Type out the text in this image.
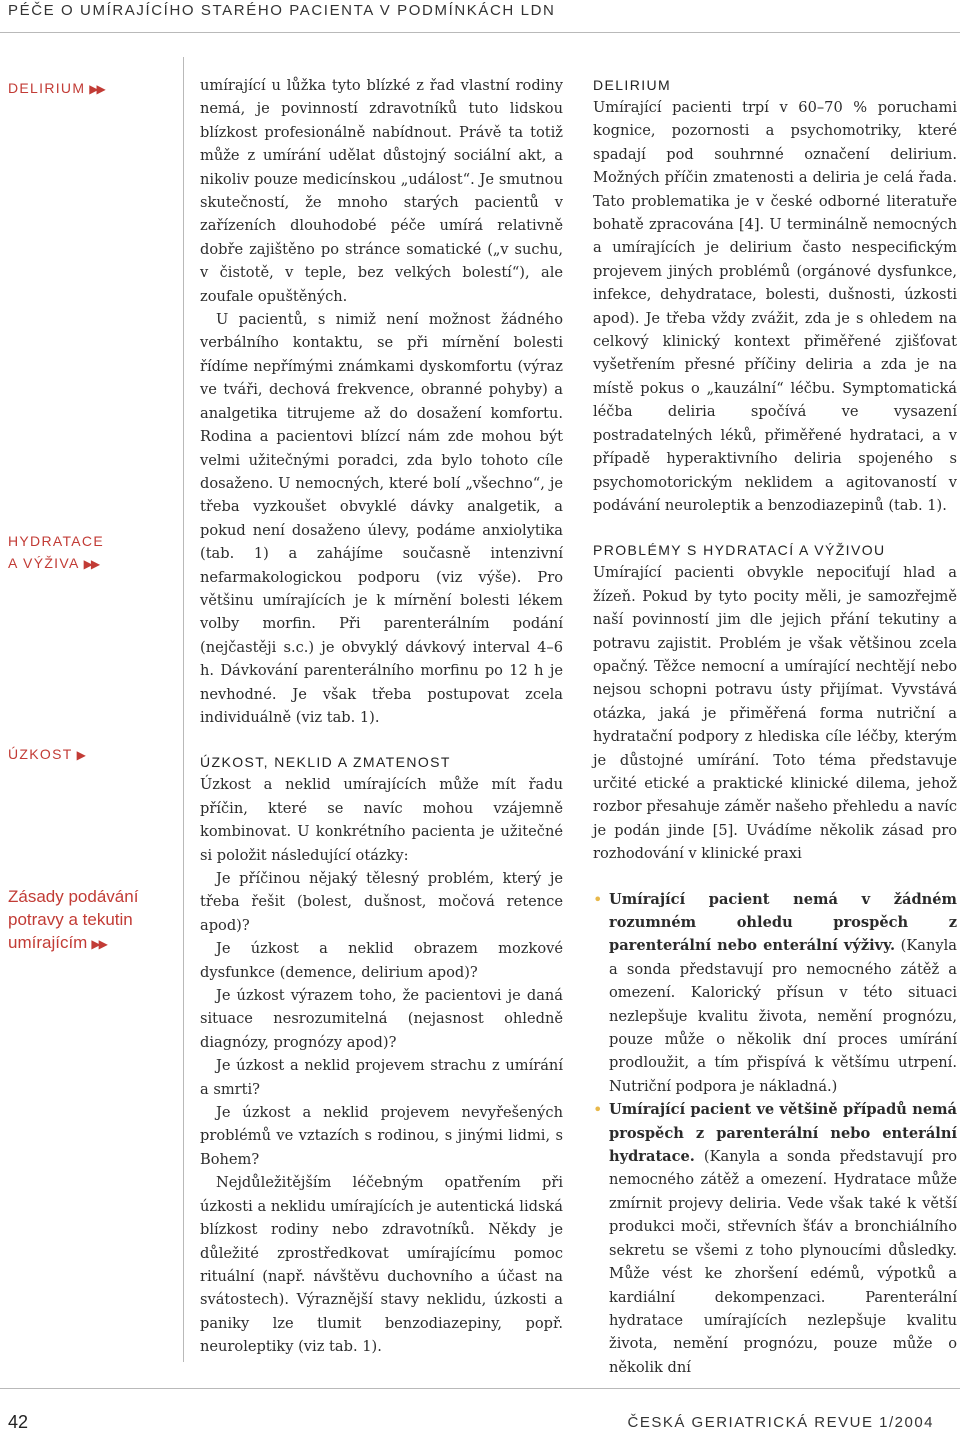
PÉČE O UMÍRAJÍCÍHO STARÉHO PACIENTA V PODMÍNKÁCH LDN
DELIRIUM ▶▶
HYDRATACE
A VÝŽIVA ▶▶
ÚZKOST ▶
Zásady podávání
potravy a tekutin
umírajícím ▶▶

umírající u lůžka tyto blízké z řad vlastní rodiny nemá, je povinností zdravotníků tuto lidskou blízkost profesionálně nabídnout. Právě ta totiž může z umírání udělat důstojný sociální akt, a nikoliv pouze medicínskou „událost“. Je smutnou skutečností, že mnoho starých pacientů v zařízeních dlouhodobé péče umírá relativně dobře zajištěno po stránce somatické („v suchu, v čistotě, v teple, bez velkých bolestí“), ale zoufale opuštěných.

U pacientů, s nimiž není možnost žádného verbálního kontaktu, se při mírnění bolesti řídíme nepřímými známkami dyskomfortu (výraz ve tváři, dechová frekvence, obranné pohyby) a analgetika titrujeme až do dosažení komfortu. Rodina a pacientovi blízcí nám zde mohou být velmi užitečnými poradci, zda bylo tohoto cíle dosaženo. U nemocných, které bolí „všechno“, je třeba vyzkoušet obvyklé dávky analgetik, a pokud není dosaženo úlevy, podáme anxiolytika (tab. 1) a zahájíme současně intenzivní nefarmakologickou podporu (viz výše). Pro většinu umírajících je k mírnění bolesti lékem volby morfin. Při parenterálním podání (nejčastěji s.c.) je obvyklý dávkový interval 4–6 h. Dávkování parenterálního morfinu po 12 h je nevhodné. Je však třeba postupovat zcela individuálně (viz tab. 1).

ÚZKOST, NEKLID A ZMATENOST

Úzkost a neklid umírajících může mít řadu příčin, které se navíc mohou vzájemně kombinovat. U konkrétního pacienta je užitečné si položit následující otázky:

Je příčinou nějaký tělesný problém, který je třeba řešit (bolest, dušnost, močová retence apod)?

Je úzkost a neklid obrazem mozkové dysfunkce (demence, delirium apod)?

Je úzkost výrazem toho, že pacientovi je daná situace nesrozumitelná (nejasnost ohledně diagnózy, prognózy apod)?

Je úzkost a neklid projevem strachu z umírání a smrti?

Je úzkost a neklid projevem nevyřešených problémů ve vztazích s rodinou, s jinými lidmi, s Bohem?

Nejdůležitějším léčebným opatřením při úzkosti a neklidu umírajících je autentická lidská blízkost rodiny nebo zdravotníků. Někdy je důležité zprostředkovat umírajícímu pomoc rituální (např. návštěvu duchovního a účast na svátostech). Výraznější stavy neklidu, úzkosti a paniky lze tlumit benzodiazepiny, popř. neuroleptiky (viz tab. 1).

DELIRIUM

Umírající pacienti trpí v 60–70 % poruchami kognice, pozornosti a psychomotriky, které spadají pod souhrnné označení delirium. Možných příčin zmatenosti a deliria je celá řada. Tato problematika je v české odborné literatuře bohatě zpracována [4]. U terminálně nemocných a umírajících je delirium často nespecifickým projevem jiných problémů (orgánové dysfunkce, infekce, dehydratace, bolesti, dušnosti, úzkosti apod). Je třeba vždy zvážit, zda je s ohledem na celkový klinický kontext přiměřené zjišťovat vyšetřením přesné příčiny deliria a zda je na místě pokus o „kauzální“ léčbu. Symptomatická léčba deliria spočívá ve vysazení postradatelných léků, přiměřené hydrataci, a v případě hyperaktivního deliria spojeného s psychomotorickým neklidem a agitovaností v podávání neuroleptik a benzodiazepinů (tab. 1).

PROBLÉMY S HYDRATACÍ A VÝŽIVOU

Umírající pacienti obvykle nepociťují hlad a žízeň. Pokud by tyto pocity měli, je samozřejmě naší povinností jim dle jejich přání tekutiny a potravu zajistit. Problém je však většinou zcela opačný. Těžce nemocní a umírající nechtějí nebo nejsou schopni potravu ústy přijímat. Vyvstává otázka, jaká je přiměřená forma nutriční a hydratační podpory z hlediska cíle léčby, kterým je důstojné umírání. Toto téma představuje určité etické a praktické klinické dilema, jehož rozbor přesahuje záměr našeho přehledu a navíc je podán jinde [5]. Uvádíme několik zásad pro rozhodování v klinické praxi

• Umírající pacient nemá v žádném rozumném ohledu prospěch z parenterální nebo enterální výživy. (Kanyla a sonda představují pro nemocného zátěž a omezení. Kalorický přísun v této situaci nezlepšuje kvalitu života, nemění prognózu, pouze může o několik dní proces umírání prodloužit, a tím přispívá k většímu utrpení. Nutriční podpora je nákladná.)
• Umírající pacient ve většině případů nemá prospěch z parenterální nebo enterální hydratace. (Kanyla a sonda představují pro nemocného zátěž a omezení. Hydratace může zmírnit projevy deliria. Vede však také k větší produkci moči, střevních šťáv a bronchiálního sekretu se všemi z toho plynoucími důsledky. Může vést ke zhoršení edémů, výpotků a kardiální dekompenzaci. Parenterální hydratace umírajících nezlepšuje kvalitu života, nemění prognózu, pouze může o několik dní
42	ČESKÁ GERIATRICKÁ REVUE 1/2004
